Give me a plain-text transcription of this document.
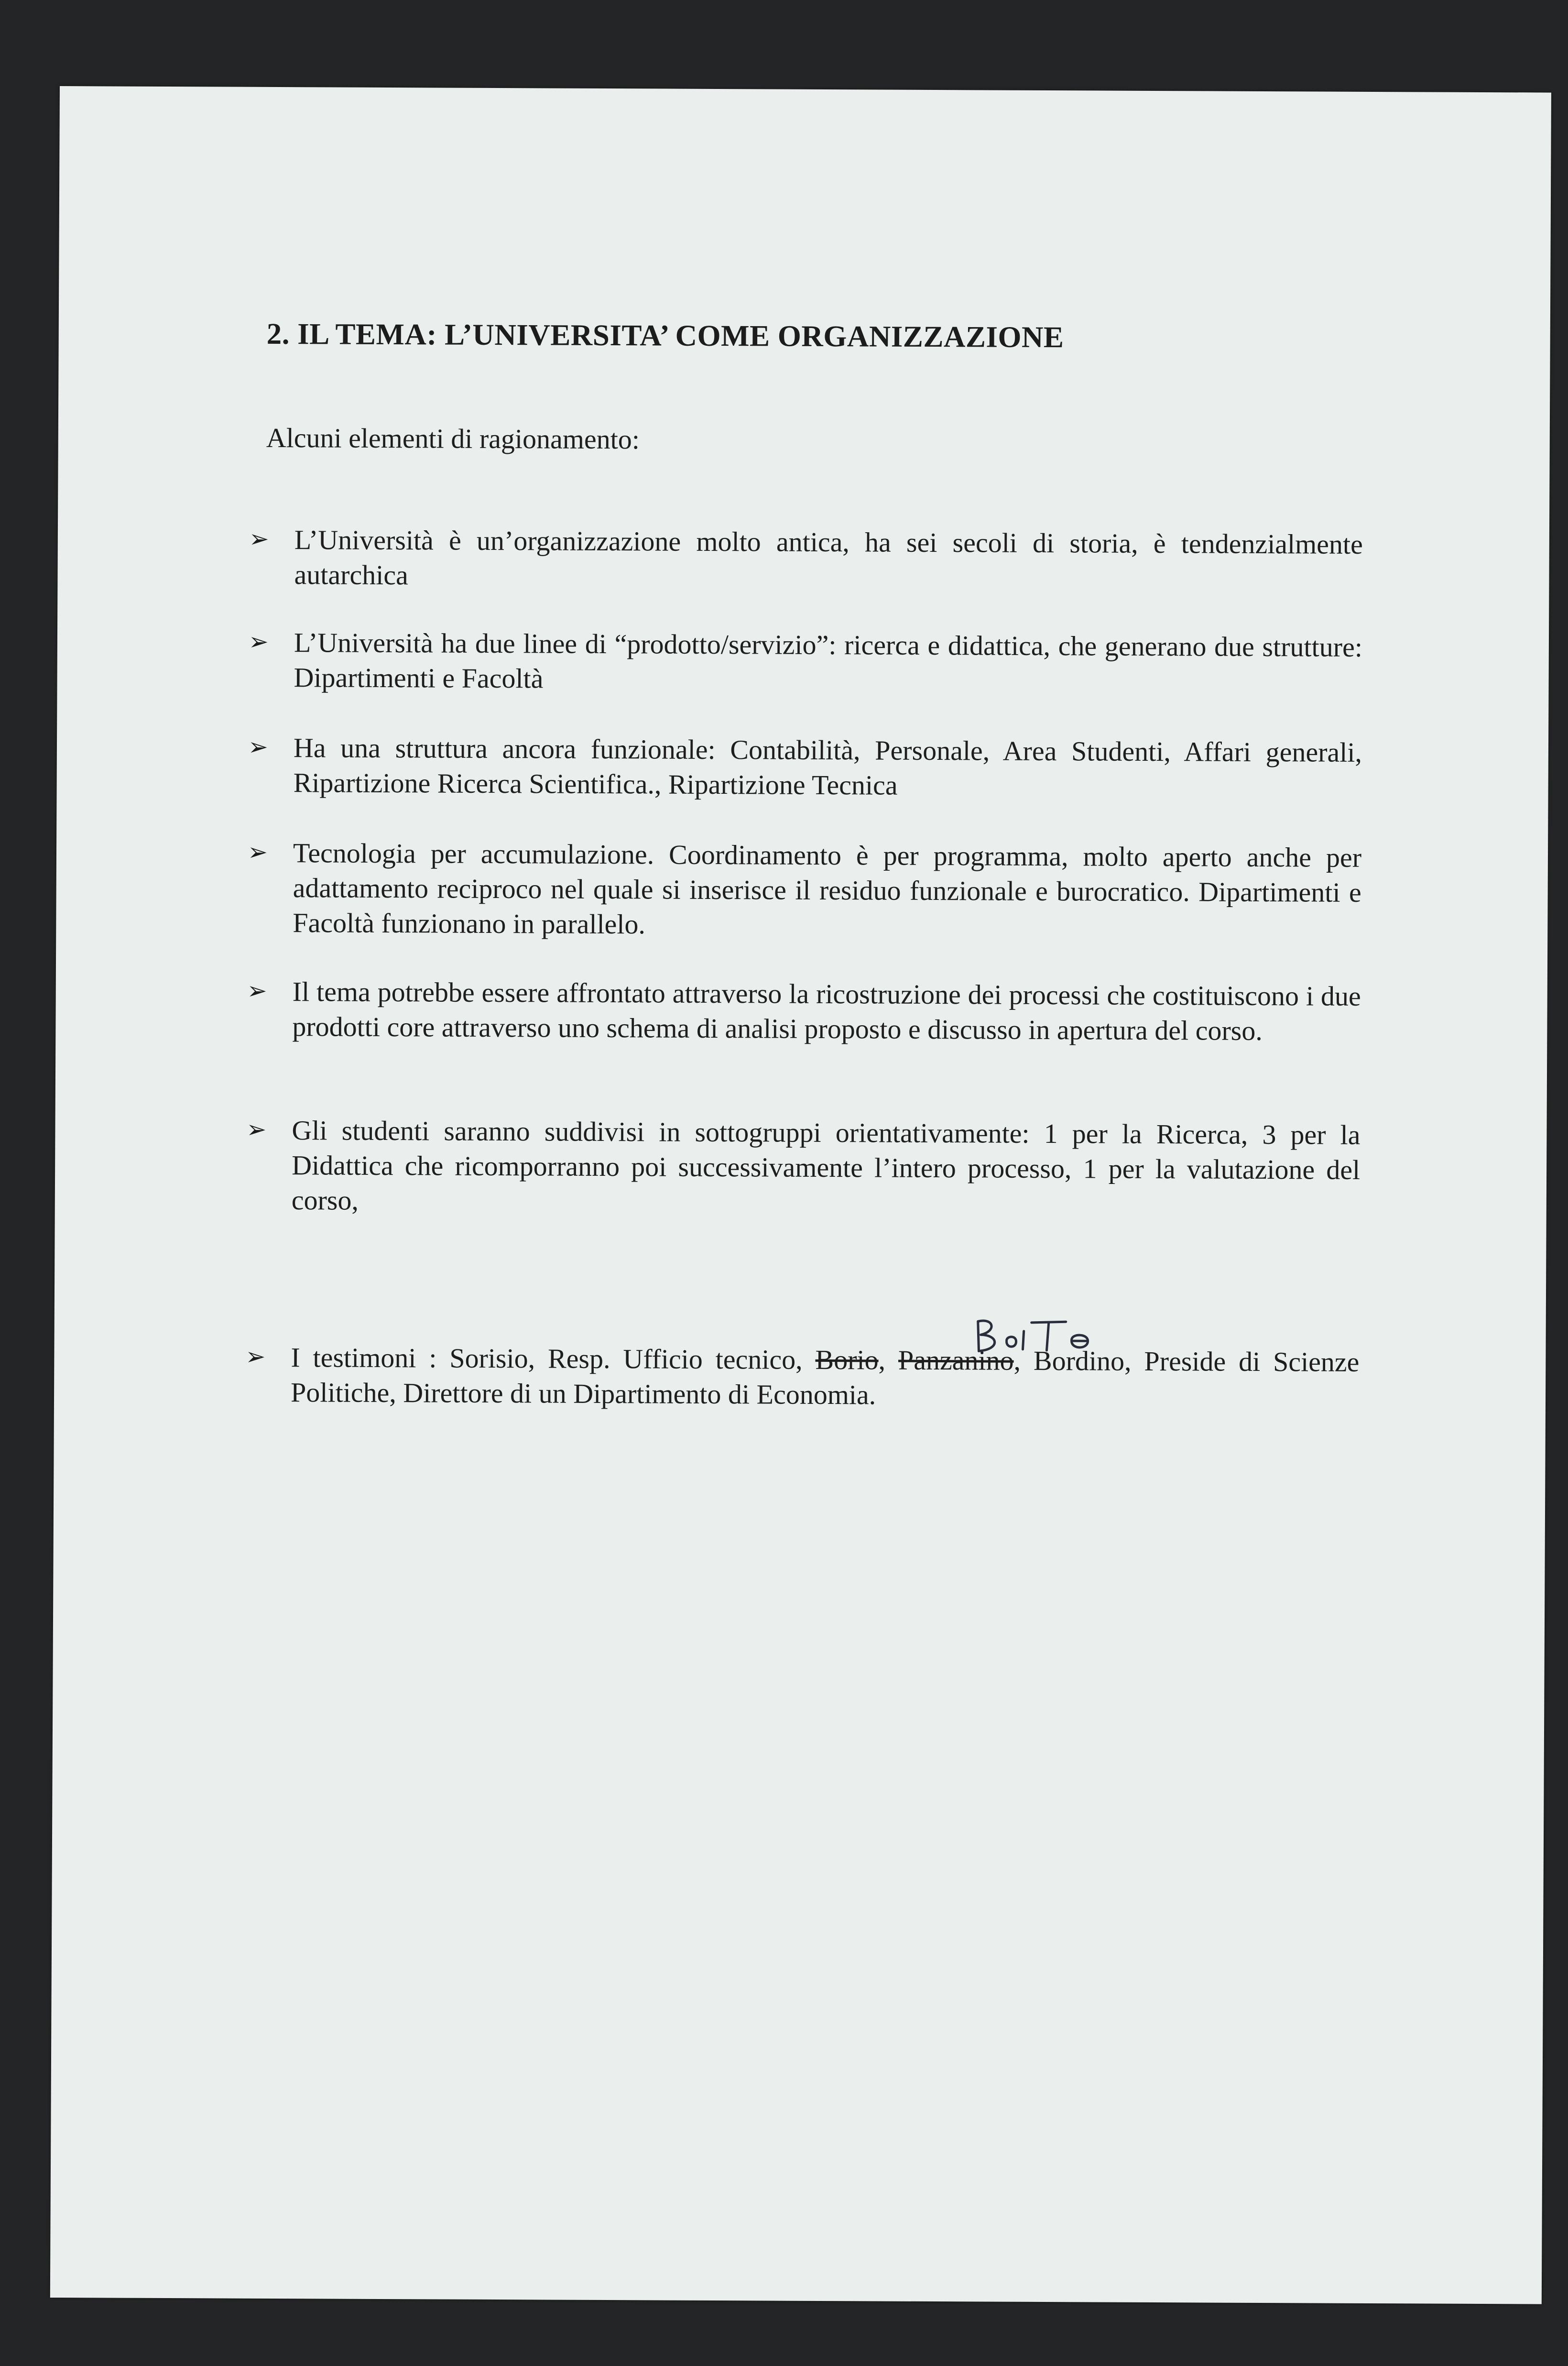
2. IL TEMA: L’UNIVERSITA’ COME ORGANIZZAZIONE
Alcuni elementi di ragionamento:
➢ L’Università è un’organizzazione molto antica, ha sei secoli di storia, è tendenzialmente autarchica
➢ L’Università ha due linee di “prodotto/servizio”: ricerca e didattica, che generano due strutture: Dipartimenti e Facoltà
➢ Ha una struttura ancora funzionale: Contabilità, Personale, Area Studenti, Affari generali, Ripartizione Ricerca Scientifica., Ripartizione Tecnica
➢ Tecnologia per accumulazione. Coordinamento è per programma, molto aperto anche per adattamento reciproco nel quale si inserisce il residuo funzionale e burocratico. Dipartimenti e Facoltà funzionano in parallelo.
➢ Il tema potrebbe essere affrontato attraverso la ricostruzione dei processi che costituiscono i due prodotti core attraverso uno schema di analisi proposto e discusso in apertura del corso.
➢ Gli studenti saranno suddivisi in sottogruppi orientativamente: 1 per la Ricerca, 3 per la Didattica che ricomporranno poi successivamente l’intero processo, 1 per la valutazione del corso,
➢ I testimoni : Sorisio, Resp. Ufficio tecnico, Borio, Panzanino, Bordino, Preside di Scienze Politiche, Direttore di un Dipartimento di Economia.
